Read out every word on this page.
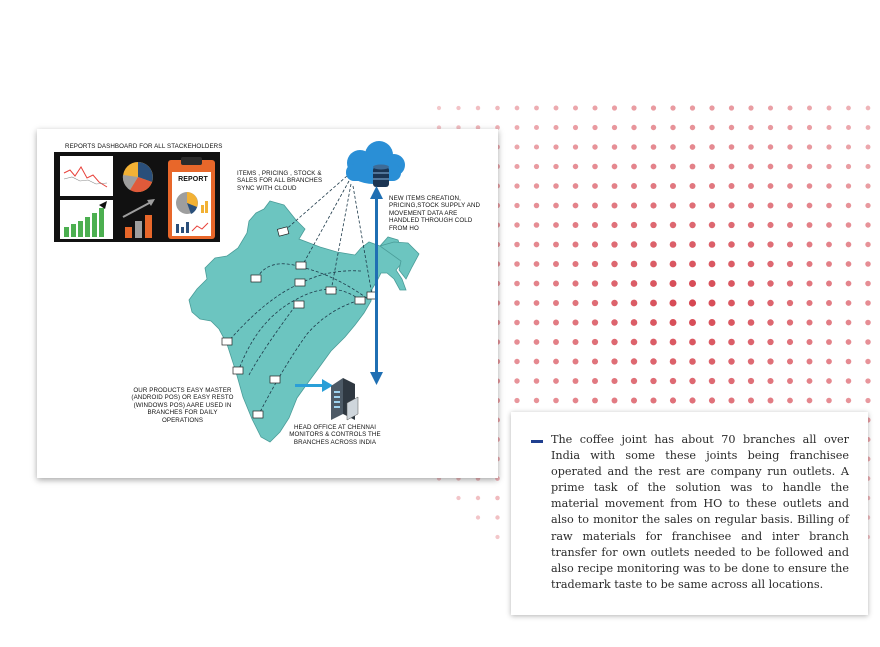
REPORTS DASHBOARD FOR ALL STACKEHOLDERS
REPORT
ITEMS , PRICING , STOCK & SALES FOR ALL BRANCHES SYNC WITH CLOUD
NEW ITEMS CREATION, PRICING,STOCK SUPPLY AND MOVEMENT DATA ARE HANDLED THROUGH COLD FROM HO
OUR PRODUCTS EASY MASTER (ANDROID POS) OR EASY RESTO (WINDOWS POS) AARE USED IN BRANCHES FOR DAILY OPERATIONS
HEAD OFFICE AT CHENNAI MONITORS & CONTROLS THE BRANCHES ACROSS INDIA	The coffee joint has about 70 branches all over India with some these joints being franchisee operated and the rest are company run outlets. A prime task of the solution was to handle the material movement from HO to these outlets and also to monitor the sales on regular basis. Billing of raw materials for franchisee and inter branch transfer for own outlets needed to be followed and also recipe monitoring was to be done to ensure the trademark taste to be same across all locations.
